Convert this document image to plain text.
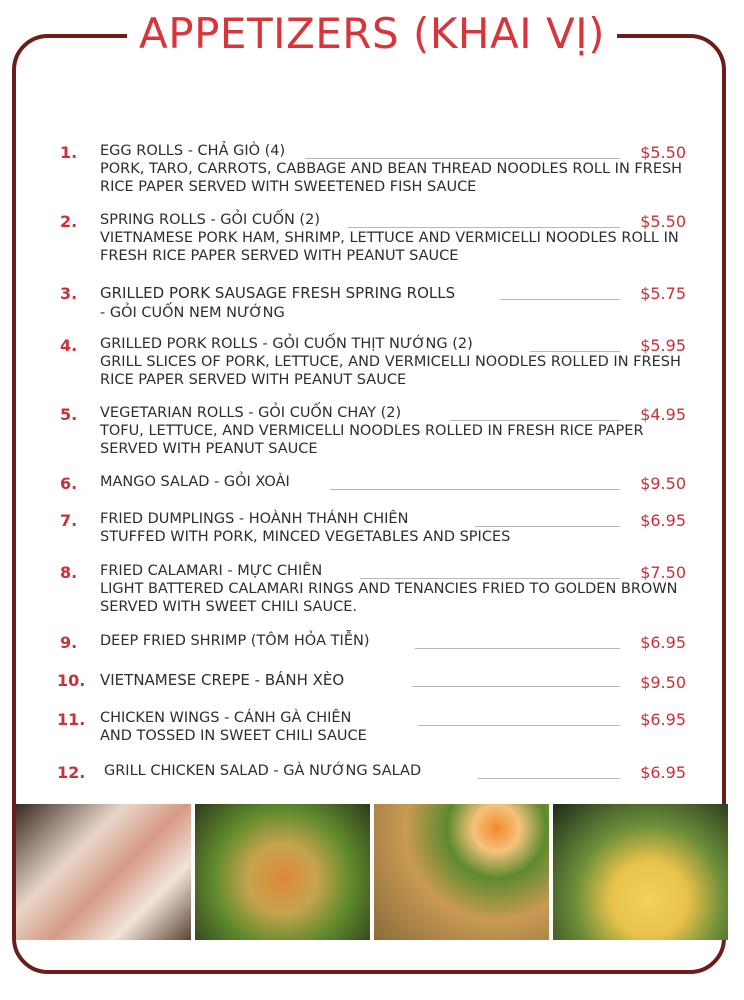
APPETIZERS (KHAI VỊ)
1. EGG ROLLS - CHẢ GIÒ (4)	$5.50
PORK, TARO, CARROTS, CABBAGE AND BEAN THREAD NOODLES ROLL IN FRESH RICE PAPER SERVED WITH SWEETENED FISH SAUCE
2. SPRING ROLLS - GỎI CUỐN (2)	$5.50
VIETNAMESE PORK HAM, SHRIMP, LETTUCE AND VERMICELLI NOODLES ROLL IN FRESH RICE PAPER SERVED WITH PEANUT SAUCE
3. GRILLED PORK SAUSAGE FRESH SPRING ROLLS	$5.75
- GỎI CUỐN NEM NƯỚNG
4. GRILLED PORK ROLLS - GỎI CUỐN THỊT NƯỚNG (2)	$5.95
GRILL SLICES OF PORK, LETTUCE, AND VERMICELLI NOODLES ROLLED IN FRESH RICE PAPER SERVED WITH PEANUT SAUCE
5. VEGETARIAN ROLLS - GỎI CUỐN CHAY (2)	$4.95
TOFU, LETTUCE, AND VERMICELLI NOODLES ROLLED IN FRESH RICE PAPER SERVED WITH PEANUT SAUCE
6. MANGO SALAD - GỎI XOÀI	$9.50
7. FRIED DUMPLINGS - HOÀNH THÁNH CHIÊN	$6.95
STUFFED WITH PORK, MINCED VEGETABLES AND SPICES
8. FRIED CALAMARI - MỰC CHIÊN	$7.50
LIGHT BATTERED CALAMARI RINGS AND TENANCIES FRIED TO GOLDEN BROWN SERVED WITH SWEET CHILI SAUCE.
9. DEEP FRIED SHRIMP (TÔM HỎA TIỄN)	$6.95
10. VIETNAMESE CREPE - BÁNH XÈO	$9.50
11. CHICKEN WINGS - CÁNH GÀ CHIÊN	$6.95
AND TOSSED IN SWEET CHILI SAUCE
12. GRILL CHICKEN SALAD - GÀ NƯỚNG SALAD	$6.95
